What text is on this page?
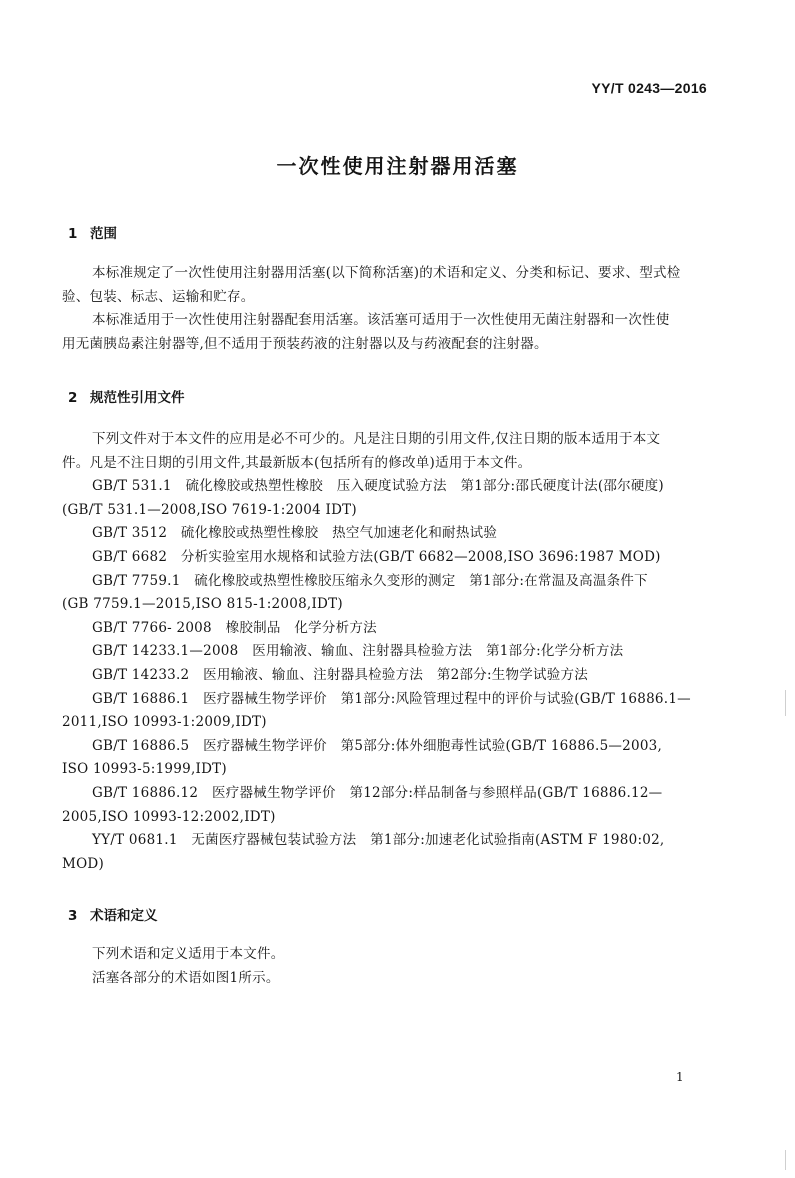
YY/T 0243—2016
一次性使用注射器用活塞
1 范围
本标准规定了一次性使用注射器用活塞(以下简称活塞)的术语和定义、分类和标记、要求、型式检
验、包装、标志、运输和贮存。
本标准适用于一次性使用注射器配套用活塞。该活塞可适用于一次性使用无菌注射器和一次性使
用无菌胰岛素注射器等,但不适用于预装药液的注射器以及与药液配套的注射器。
2 规范性引用文件
下列文件对于本文件的应用是必不可少的。凡是注日期的引用文件,仅注日期的版本适用于本文
件。凡是不注日期的引用文件,其最新版本(包括所有的修改单)适用于本文件。
GB/T 531.1　硫化橡胶或热塑性橡胶　压入硬度试验方法　第1部分:邵氏硬度计法(邵尔硬度)
(GB/T 531.1—2008,ISO 7619-1:2004 IDT)
GB/T 3512　硫化橡胶或热塑性橡胶　热空气加速老化和耐热试验
GB/T 6682　分析实验室用水规格和试验方法(GB/T 6682—2008,ISO 3696:1987 MOD)
GB/T 7759.1　硫化橡胶或热塑性橡胶压缩永久变形的测定　第1部分:在常温及高温条件下
(GB 7759.1—2015,ISO 815-1:2008,IDT)
GB/T 7766- 2008　橡胶制品　化学分析方法
GB/T 14233.1—2008　医用输液、输血、注射器具检验方法　第1部分:化学分析方法
GB/T 14233.2　医用输液、输血、注射器具检验方法　第2部分:生物学试验方法
GB/T 16886.1　医疗器械生物学评价　第1部分:风险管理过程中的评价与试验(GB/T 16886.1—
2011,ISO 10993-1:2009,IDT)
GB/T 16886.5　医疗器械生物学评价　第5部分:体外细胞毒性试验(GB/T 16886.5—2003,
ISO 10993-5:1999,IDT)
GB/T 16886.12　医疗器械生物学评价　第12部分:样品制备与参照样品(GB/T 16886.12—
2005,ISO 10993-12:2002,IDT)
YY/T 0681.1　无菌医疗器械包装试验方法　第1部分:加速老化试验指南(ASTM F 1980:02,
MOD)
3 术语和定义
下列术语和定义适用于本文件。
活塞各部分的术语如图1所示。
1
